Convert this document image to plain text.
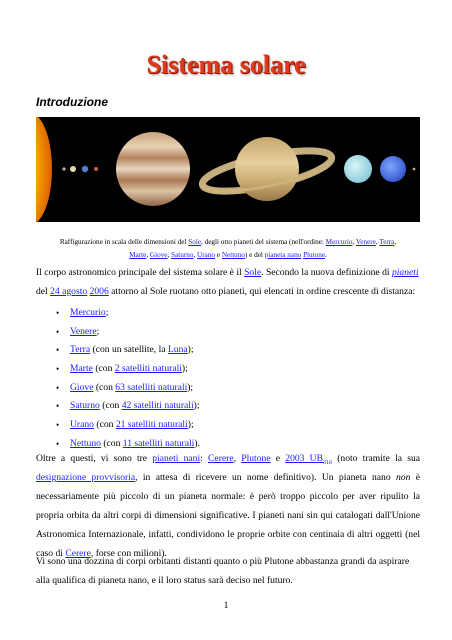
Sistema solare
Introduzione
Raffigurazione in scala delle dimensioni del Sole, degli otto pianeti del sistema (nell'ordine: Mercurio, Venere, Terra,
Marte, Giove, Saturno, Urano e Nettuno) e del pianeta nano Plutone.
Il corpo astronomico principale del sistema solare è il Sole. Secondo la nuova definizione di pianeti
del 24 agosto 2006 attorno al Sole ruotano otto pianeti, qui elencati in ordine crescente di distanza:
• Mercurio;
• Venere;
• Terra (con un satellite, la Luna);
• Marte (con 2 satelliti naturali);
• Giove (con 63 satelliti naturali);
• Saturno (con 42 satelliti naturali);
• Urano (con 21 satelliti naturali);
• Nettuno (con 11 satelliti naturali).
Oltre a questi, vi sono tre pianeti nani: Cerere, Plutone e 2003 $UB_{313}$ (noto tramite la sua designazione provvisoria, in attesa di ricevere un nome definitivo). Un pianeta nano non è necessariamente più piccolo di un pianeta normale: è però troppo piccolo per aver ripulito la propria orbita da altri corpi di dimensioni significative. I pianeti nani sin qui catalogati dall'Unione Astronomica Internazionale, infatti, condividono le proprie orbite con centinaia di altri oggetti (nel caso di Cerere, forse con milioni).
Vi sono una dozzina di corpi orbitanti distanti quanto o più Plutone abbastanza grandi da aspirare alla qualifica di pianeta nano, e il loro status sarà deciso nel futuro.
1
